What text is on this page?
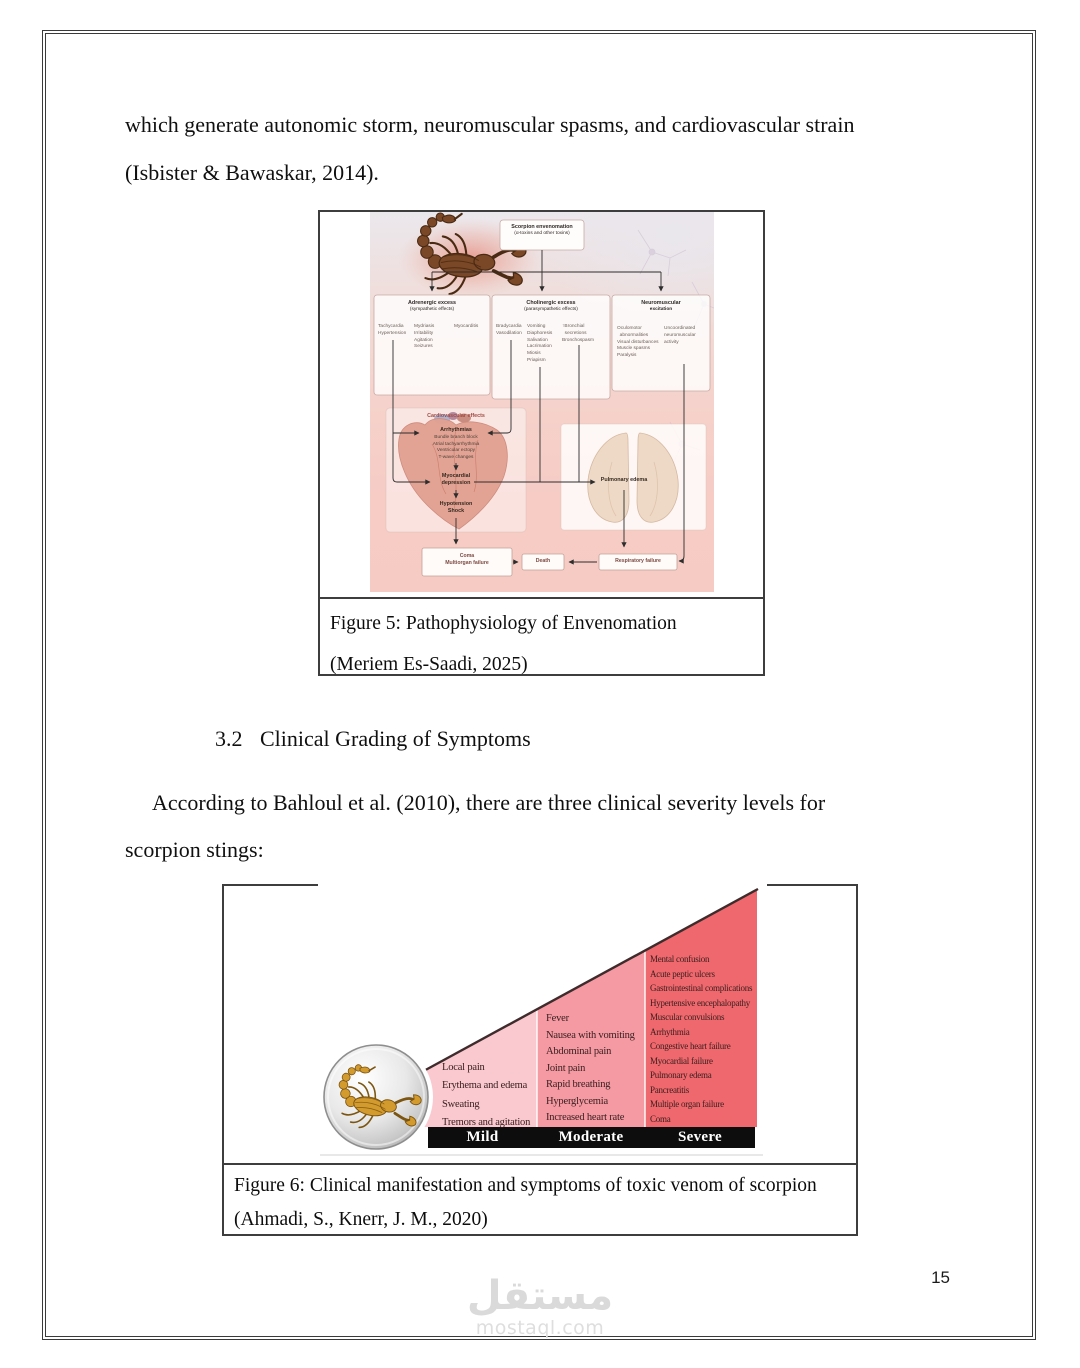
which generate autonomic storm, neuromuscular spasms, and cardiovascular strain
(Isbister & Bawaskar, 2014).
Scorpion envenomation
(α-toxins and other toxins)
Adrenergic excess
(sympathetic effects)
Tachycardia
Hypertension
Mydriasis
Irritability
Agitation
Seizures
Myocarditis
Cholinergic excess
(parasympathetic effects)
Bradycardia
Vasodilation
Vomiting
Diaphoresis
Salivation
Lacrimation
Miosis
Priapism
↑Bronchial
secretions
Bronchospasm
Neuromuscular
excitation
Oculomotor
abnormalities
Visual disturbances
Muscle spasms
Paralysis
Uncoordinated
neuromuscular
activity
Cardiovascular effects
Arrhythmias
Bundle branch block
Atrial tachyarrhythmia
Ventricular ectopy
T-wave changes
Myocardial
depression
Hypotension
Shock
Pulmonary edema
Coma
Multiorgan failure	Death	Respiratory failure
Figure 5: Pathophysiology of Envenomation
(Meriem Es-Saadi, 2025)
3.2 Clinical Grading of Symptoms
According to Bahloul et al. (2010), there are three clinical severity levels for
scorpion stings:
Local pain
Erythema and edema
Sweating
Tremors and agitation
Fever
Nausea with vomiting
Abdominal pain
Joint pain
Rapid breathing
Hyperglycemia
Increased heart rate
Mental confusion
Acute peptic ulcers
Gastrointestinal complications
Hypertensive encephalopathy
Muscular convulsions
Arrhythmia
Congestive heart failure
Myocardial failure
Pulmonary edema
Pancreatitis
Multiple organ failure
Coma
Mild	Moderate	Severe
Figure 6: Clinical manifestation and symptoms of toxic venom of scorpion
(Ahmadi, S., Knerr, J. M., 2020)
15
مستقل
mostaql.com
